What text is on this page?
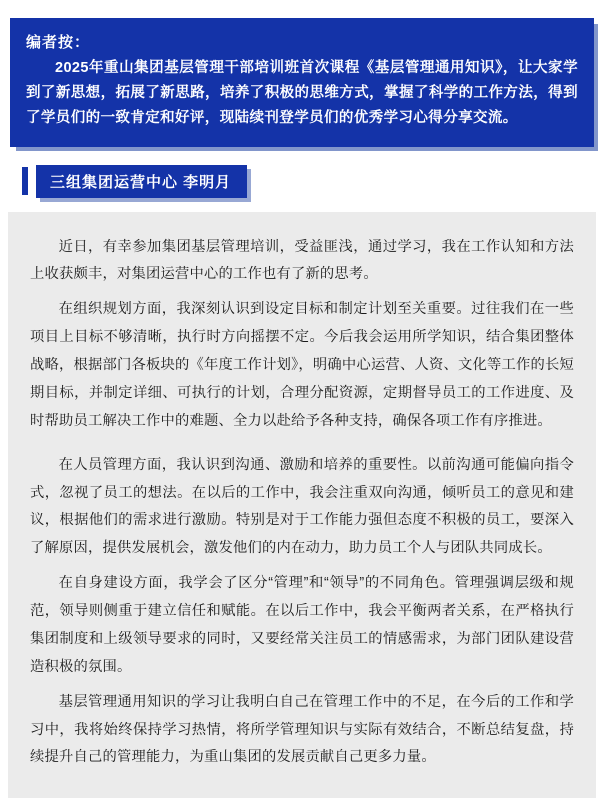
编者按：
2025年重山集团基层管理干部培训班首次课程《基层管理通用知识》，让大家学到了新思想，拓展了新思路，培养了积极的思维方式，掌握了科学的工作方法，得到了学员们的一致肯定和好评，现陆续刊登学员们的优秀学习心得分享交流。
三组集团运营中心 李明月

近日，有幸参加集团基层管理培训，受益匪浅，通过学习，我在工作认知和方法上收获颇丰，对集团运营中心的工作也有了新的思考。

在组织规划方面，我深刻认识到设定目标和制定计划至关重要。过往我们在一些项目上目标不够清晰，执行时方向摇摆不定。今后我会运用所学知识，结合集团整体战略，根据部门各板块的《年度工作计划》，明确中心运营、人资、文化等工作的长短期目标，并制定详细、可执行的计划，合理分配资源，定期督导员工的工作进度、及时帮助员工解决工作中的难题、全力以赴给予各种支持，确保各项工作有序推进。

在人员管理方面，我认识到沟通、激励和培养的重要性。以前沟通可能偏向指令式，忽视了员工的想法。在以后的工作中，我会注重双向沟通，倾听员工的意见和建议，根据他们的需求进行激励。特别是对于工作能力强但态度不积极的员工，要深入了解原因，提供发展机会，激发他们的内在动力，助力员工个人与团队共同成长。

在自身建设方面，我学会了区分“管理”和“领导”的不同角色。管理强调层级和规范，领导则侧重于建立信任和赋能。在以后工作中，我会平衡两者关系，在严格执行集团制度和上级领导要求的同时，又要经常关注员工的情感需求，为部门团队建设营造积极的氛围。

基层管理通用知识的学习让我明白自己在管理工作中的不足，在今后的工作和学习中，我将始终保持学习热情，将所学管理知识与实际有效结合，不断总结复盘，持续提升自己的管理能力，为重山集团的发展贡献自己更多力量。
